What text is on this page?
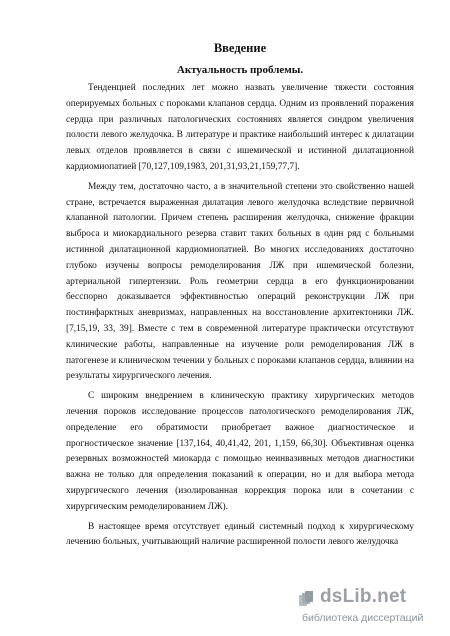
Введение
Актуальность проблемы.

Тенденцией последних лет можно назвать увеличение тяжести состояния оперируемых больных с пороками клапанов сердца. Одним из проявлений поражения сердца при различных патологических состояниях является синдром увеличения полости левого желудочка. В литературе и практике наибольший интерес к дилатации левых отделов проявляется в связи с ишемической и истинной дилатационной кардиомиопатией [70,127,109,1983, 201,31,93,21,159,77,7].

Между тем, достаточно часто, а в значительной степени это свойственно нашей стране, встречается выраженная дилатация левого желудочка вследствие первичной клапанной патологии. Причем степень расширения желудочка, снижение фракции выброса и миокардиального резерва ставит таких больных в один ряд с больными истинной дилатационной кардиомиопатией. Во многих исследованиях достаточно глубоко изучены вопросы ремоделирования ЛЖ при ишемической болезни, артериальной гипертензии. Роль геометрии сердца в его функционировании бесспорно доказывается эффективностью операций реконструкции ЛЖ при постинфарктных аневризмах, направленных на восстановление архитектоники ЛЖ. [7,15,19, 33, 39]. Вместе с тем в современной литературе практически отсутствуют клинические работы, направленные на изучение роли ремоделирования ЛЖ в патогенезе и клиническом течении у больных с пороками клапанов сердца, влиянии на результаты хирургического лечения.

С широким внедрением в клиническую практику хирургических методов лечения пороков исследование процессов патологического ремоделирования ЛЖ, определение его обратимости приобретает важное диагностическое и прогностическое значение [137,164, 40,41,42, 201, 1,159, 66,30]. Объективная оценка резервных возможностей миокарда с помощью неинвазивных методов диагностики важна не только для определения показаний к операции, но и для выбора метода хирургического лечения (изолированная коррекция порока или в сочетании с хирургическим ремоделированием ЛЖ).

В настоящее время отсутствует единый системный подход к хирургическому лечению больных, учитывающий наличие расширенной полости левого желудочка

dsLib.net
библиотека диссертаций
